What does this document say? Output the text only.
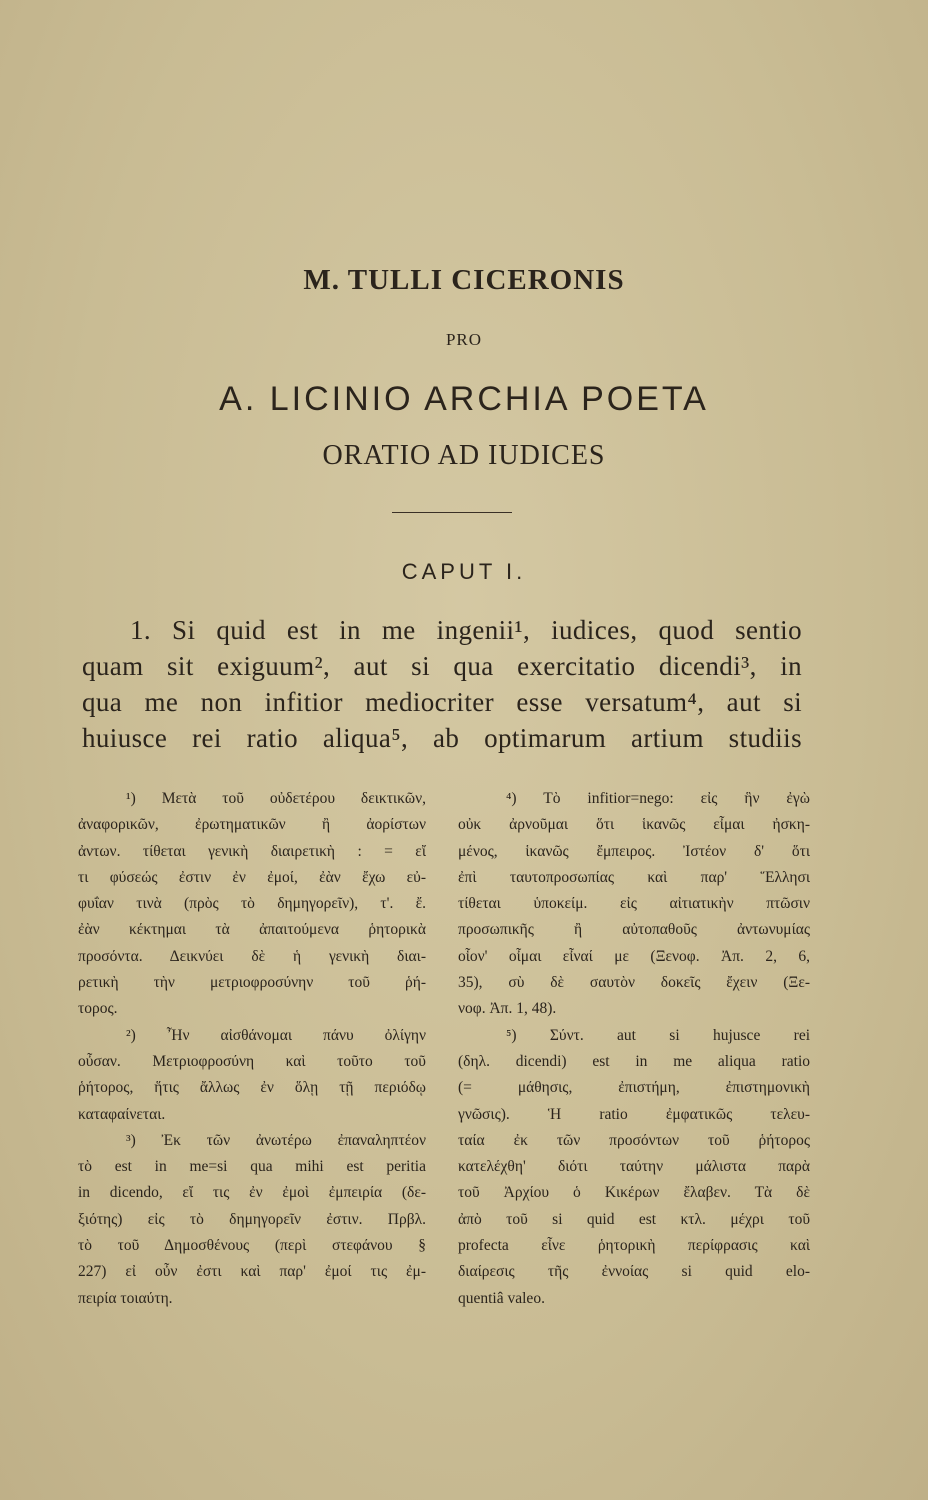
M. TULLI CICERONIS
PRO
A. LICINIO ARCHIA POETA
ORATIO AD IUDICES
CAPUT I.
1. Si quid est in me ingenii¹, iudices, quod sentio
quam sit exiguum², aut si qua exercitatio dicendi³, in
qua me non infitior mediocriter esse versatum⁴, aut si
huiusce rei ratio aliqua⁵, ab optimarum artium studiis
¹) Μετὰ τοῦ οὐδετέρου δεικτικῶν,
ἀναφορικῶν, ἐρωτηματικῶν ἢ ἀορίστων
ἀντων. τίθεται γενικὴ διαιρετικὴ : = εἴ
τι φύσεώς ἐστιν ἐν ἐμοί, ἐὰν ἔχω εὐ-
φυΐαν τινὰ (πρὸς τὸ δημηγορεῖν), τ'. ἔ.
ἐὰν κέκτημαι τὰ ἀπαιτούμενα ῥητορικὰ
προσόντα. Δεικνύει δὲ ἡ γενικὴ διαι-
ρετικὴ τὴν μετριοφροσύνην τοῦ ῥή-
τορος.
²) Ἦν αἰσθάνομαι πάνυ ὀλίγην
οὖσαν. Μετριοφροσύνη καὶ τοῦτο τοῦ
ῥήτορος, ἥτις ἄλλως ἐν ὅλῃ τῇ περιόδῳ
καταφαίνεται.
³) Ἐκ τῶν ἀνωτέρω ἐπαναληπτέον
τὸ est in me=si qua mihi est peritia
in dicendo, εἴ τις ἐν ἐμοὶ ἐμπειρία (δε-
ξιότης) εἰς τὸ δημηγορεῖν ἐστιν. Πρβλ.
τὸ τοῦ Δημοσθένους (περὶ στεφάνου §
227) εἰ οὖν ἐστι καὶ παρ' ἐμοί τις ἐμ-
πειρία τοιαύτη.
⁴) Τὸ infitior=nego: εἰς ἣν ἐγὼ
οὐκ ἀρνοῦμαι ὅτι ἱκανῶς εἶμαι ἠσκη-
μένος, ἱκανῶς ἔμπειρος. Ἰστέον δ' ὅτι
ἐπὶ ταυτοπροσωπίας καὶ παρ' Ἕλλησι
τίθεται ὑποκείμ. εἰς αἰτιατικὴν πτῶσιν
προσωπικῆς ἢ αὐτοπαθοῦς ἀντωνυμίας
οἷον' οἶμαι εἶναί με (Ξενοφ. Ἀπ. 2, 6,
35), σὺ δὲ σαυτὸν δοκεῖς ἔχειν (Ξε-
νοφ. Ἀπ. 1, 48).
⁵) Σύντ. aut si hujusce rei
(δηλ. dicendi) est in me aliqua ratio
(= μάθησις, ἐπιστήμη, ἐπιστημονικὴ
γνῶσις). Ἡ ratio ἐμφατικῶς τελευ-
ταία ἐκ τῶν προσόντων τοῦ ῥήτορος
κατελέχθη' διότι ταύτην μάλιστα παρὰ
τοῦ Ἀρχίου ὁ Κικέρων ἔλαβεν. Τὰ δὲ
ἀπὸ τοῦ si quid est κτλ. μέχρι τοῦ
profecta εἶνε ῥητορικὴ περίφρασις καὶ
διαίρεσις τῆς ἐννοίας si quid elo-
quentiâ valeo.
